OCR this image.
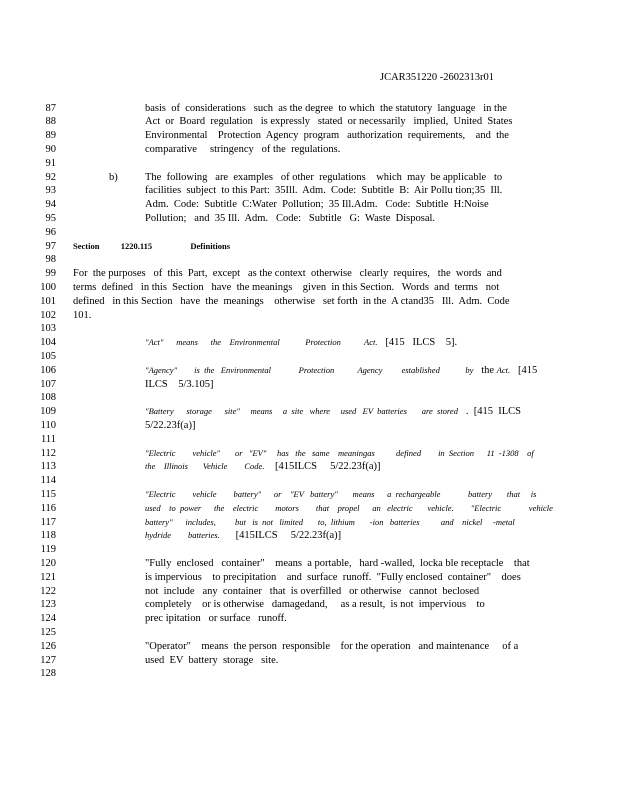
JCAR351220 -2602313r01
87
88
89
90
91
92
93
94
95
96
97
98
99
100
101
102
103
104
105
106
107
108
109
110
111
112
113
114
115
116
117
118
119
120
121
122
123
124
125
126
127
128
basis  of  considerations   such  as the degree  to which  the statutory  language   in the
Act  or  Board  regulation   is expressly   stated  or necessarily   implied,  United  States
Environmental    Protection  Agency  program   authorization  requirements,    and  the
comparative     stringency   of the  regulations.
b)	The  following   are  examples   of other  regulations    which  may  be applicable   to
facilities  subject  to this Part:  35Ill.  Adm.  Code:  Subtitle  B:  Air Pollu tion;35  Ill.
Adm.  Code:  Subtitle  C:Water  Pollution;  35 Ill.Adm.   Code:  Subtitle  H:Noise
Pollution;   and  35 Ill.  Adm.   Code:   Subtitle   G:  Waste  Disposal.
Section	1220.115	Definitions
For  the purposes   of  this  Part,  except   as the context  otherwise   clearly  requires,   the  words  and
terms  defined   in this  Section   have  the meanings    given  in this Section.   Words  and  terms   not
defined   in this Section   have  the  meanings    otherwise   set forth  in the  A ctand35   Ill.  Adm.  Code
101.
"Act"      means      the    Environmental            Protection           Act.   [415   ILCS    5].
"Agency"        is  the   Environmental             Protection           Agency         established            by   the Act.   [415
ILCS    5/3.105]
"Battery      storage      site"     means     a  site   where     used   EV  batteries       are  stored   .  [415  ILCS
5/22.23f(a)]
"Electric        vehicle"       or   "EV"     has   the   same    meaningas          defined        in  Section      11  -1308    of
the    Illinois       Vehicle        Code.    [415ILCS     5/22.23f(a)]
"Electric        vehicle        battery"      or    "EV   battery"       means      a  rechargeable             battery       that     is
used    to  power      the    electric        motors        that    propel      an   electric       vehicle.        "Electric             vehicle
battery"      includes,         but   is  not   limited       to,  lithium       -ion   batteries          and    nickel     -metal
hydride        batteries.      [415ILCS     5/22.23f(a)]
"Fully  enclosed   container"    means  a portable,   hard -walled,  locka ble receptacle    that
is impervious    to precipitation    and  surface  runoff.  "Fully enclosed  container"    does
not  include   any  container   that  is overfilled   or otherwise   cannot  beclosed
completely    or is otherwise   damagedand,     as a result,  is not  impervious    to
prec ipitation   or surface   runoff.
"Operator"    means  the person  responsible    for the operation   and maintenance     of a
used  EV  battery  storage   site.
